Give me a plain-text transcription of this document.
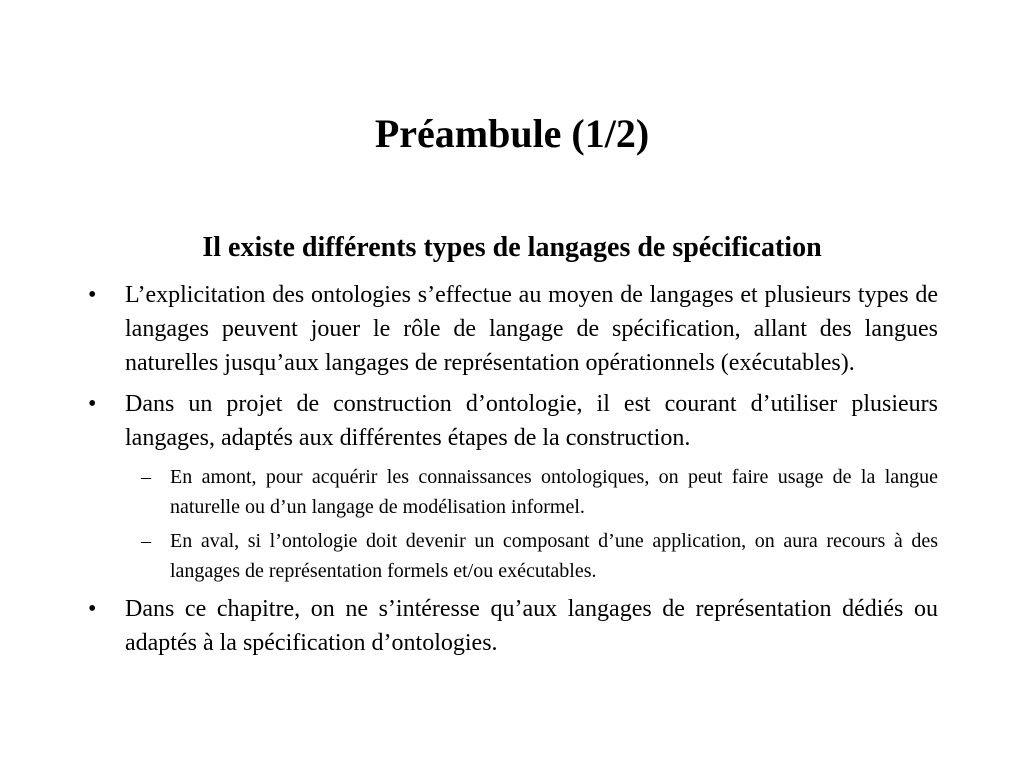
Préambule (1/2)
Il existe différents types de langages de spécification
• L’explicitation des ontologies s’effectue au moyen de langages et plusieurs types de langages peuvent jouer le rôle de langage de spécification, allant des langues naturelles jusqu’aux langages de représentation opérationnels (exécutables).
• Dans un projet de construction d’ontologie, il est courant d’utiliser plusieurs langages, adaptés aux différentes étapes de la construction.
– En amont, pour acquérir les connaissances ontologiques, on peut faire usage de la langue naturelle ou d’un langage de modélisation informel.
– En aval, si l’ontologie doit devenir un composant d’une application, on aura recours à des langages de représentation formels et/ou exécutables.
• Dans ce chapitre, on ne s’intéresse qu’aux langages de représentation dédiés ou adaptés à la spécification d’ontologies.
